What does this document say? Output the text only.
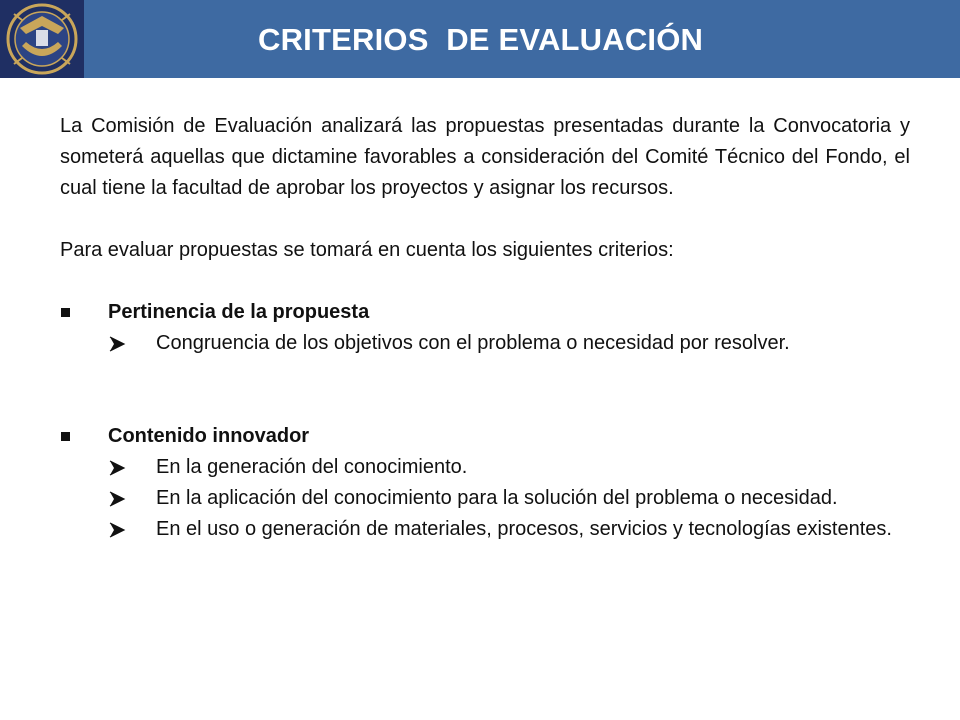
CRITERIOS  DE EVALUACIÓN

La Comisión de Evaluación analizará las propuestas presentadas durante la Convocatoria y someterá aquellas que dictamine favorables a consideración del Comité Técnico del Fondo, el cual tiene la facultad de aprobar los proyectos y asignar los recursos.

Para evaluar propuestas se tomará en cuenta los siguientes criterios:

Pertinencia de la propuesta
Congruencia de los objetivos con el problema o necesidad por resolver.
Contenido innovador
En la generación del conocimiento.
En la aplicación del conocimiento para la solución del problema o necesidad.
En el uso o generación de materiales, procesos, servicios y tecnologías existentes.
